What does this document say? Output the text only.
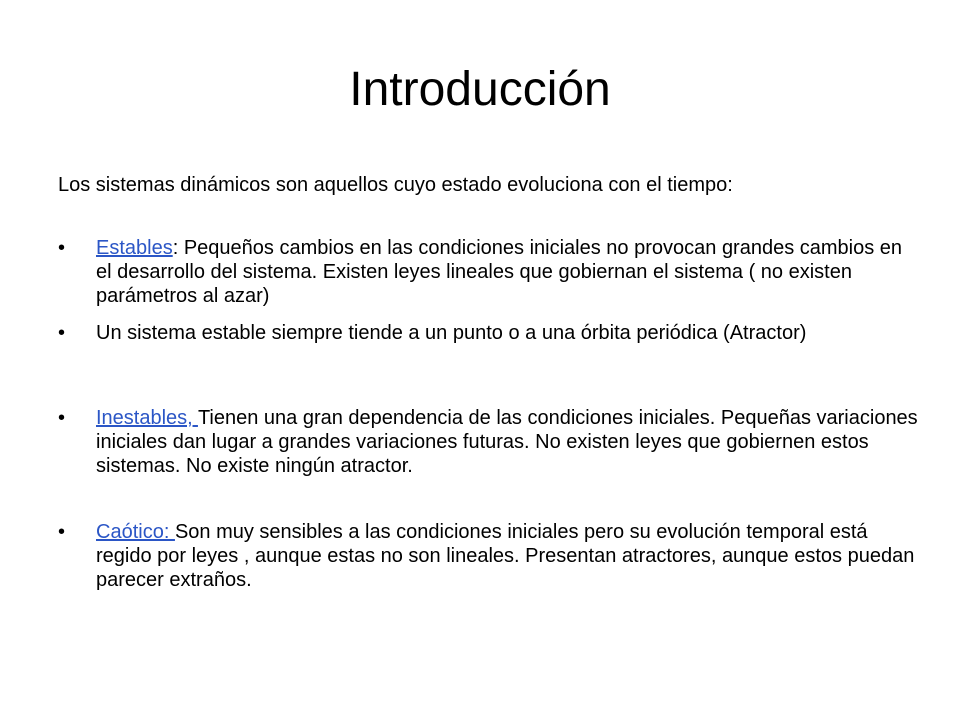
Introducción

Los sistemas dinámicos son aquellos cuyo estado evoluciona con el tiempo:

•	Estables: Pequeños cambios en las condiciones iniciales no provocan grandes cambios en el desarrollo del sistema. Existen leyes lineales que gobiernan el sistema ( no existen parámetros al azar)
•	Un sistema estable siempre tiende a un punto o a una órbita periódica (Atractor)
•	Inestables, Tienen una gran dependencia de las condiciones iniciales. Pequeñas variaciones iniciales dan lugar a grandes variaciones futuras. No existen leyes que gobiernen estos sistemas. No existe ningún atractor.
•	Caótico: Son muy sensibles a las condiciones iniciales pero su evolución temporal está regido por leyes , aunque estas no son lineales. Presentan atractores, aunque estos puedan parecer extraños.
